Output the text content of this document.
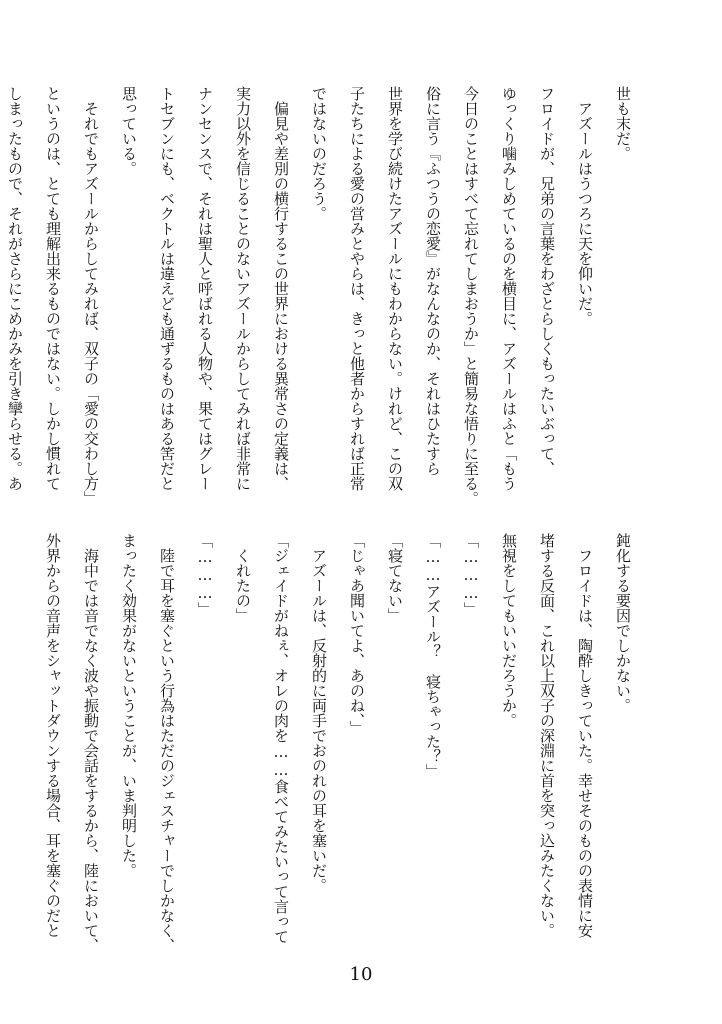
世も末だ。
アズールはうつろに天を仰いだ。
フロイドが、兄弟の言葉をわざとらしくもったいぶって、
ゆっくり噛みしめているのを横目に、アズールはふと「もう
今日のことはすべて忘れてしまおうか」と簡易な悟りに至る。
俗に言う『ふつうの恋愛』がなんなのか、それはひたすら
世界を学び続けたアズールにもわからない。けれど、この双
子たちによる愛の営みとやらは、きっと他者からすれば正常
ではないのだろう。
偏見や差別の横行するこの世界における異常さの定義は、
実力以外を信じることのないアズールからしてみれば非常に
ナンセンスで、それは聖人と呼ばれる人物や、果てはグレー
トセブンにも、ベクトルは違えども通ずるものはある筈だと
思っている。
それでもアズールからしてみれば、双子の「愛の交わし方」
というのは、とても理解出来るものではない。しかし慣れて
しまったもので、それがさらにこめかみを引き攣らせる。あ
鈍化する要因でしかない。
フロイドは、陶酔しきっていた。幸せそのものの表情に安
堵する反面、これ以上双子の深淵に首を突っ込みたくない。
無視をしてもいいだろうか。
「………」
「……アズール？　寝ちゃった？」
「寝てない」
「じゃあ聞いてよ、あのね、」
アズールは、反射的に両手でおのれの耳を塞いだ。
「ジェイドがねぇ、オレの肉を……食べてみたいって言って
くれたの」
「………」
陸で耳を塞ぐという行為はただのジェスチャーでしかなく、
まったく効果がないということが、いま判明した。
海中では音でなく波や振動で会話をするから、陸において、
外界からの音声をシャットダウンする場合、耳を塞ぐのだと
10
